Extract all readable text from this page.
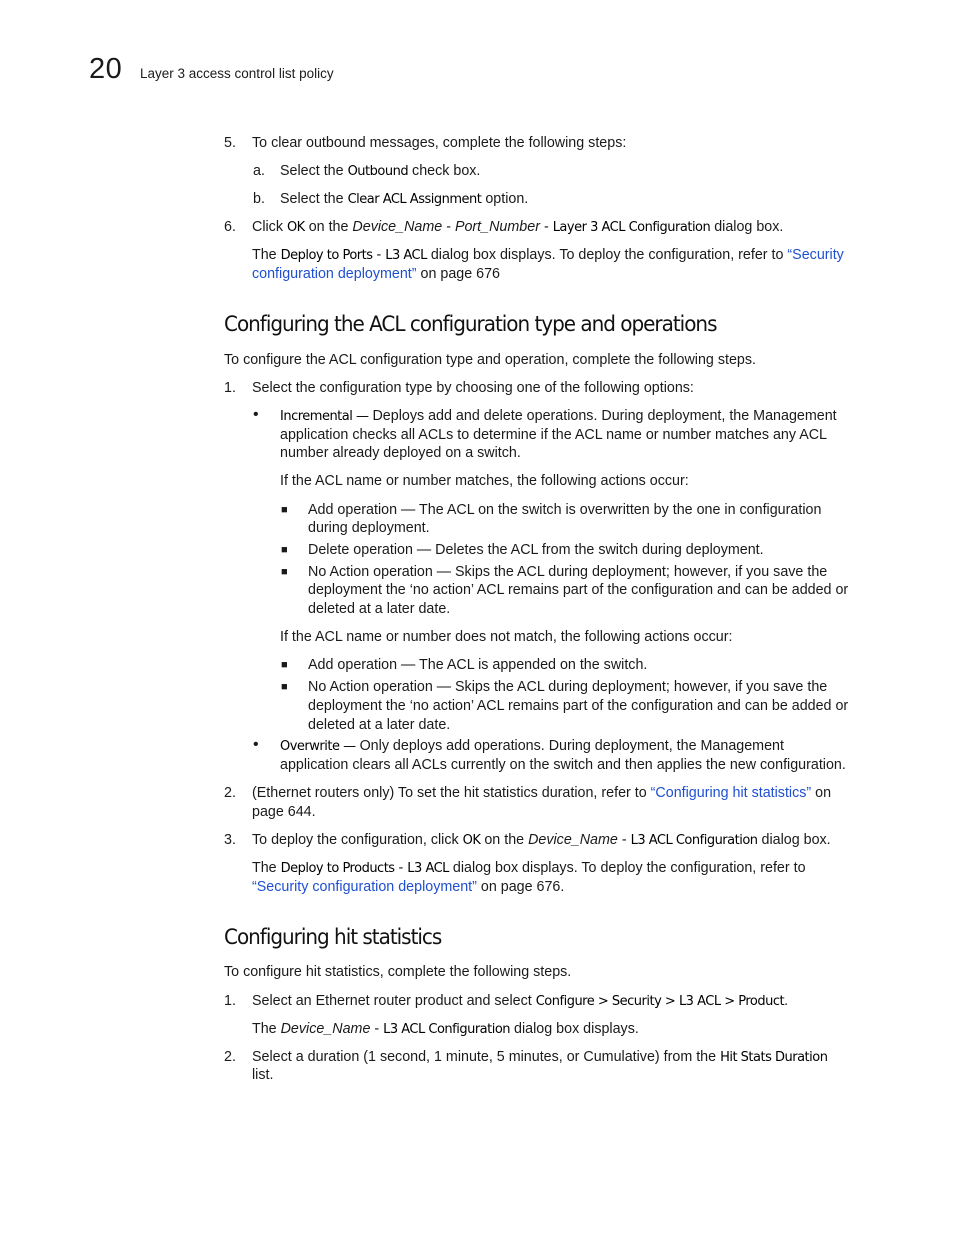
20 Layer 3 access control list policy
5. To clear outbound messages, complete the following steps:
a. Select the Outbound check box.
b. Select the Clear ACL Assignment option.
6. Click OK on the Device_Name - Port_Number - Layer 3 ACL Configuration dialog box.
The Deploy to Ports - L3 ACL dialog box displays. To deploy the configuration, refer to “Security
configuration deployment” on page 676
Configuring the ACL configuration type and operations
To configure the ACL configuration type and operation, complete the following steps.
1. Select the configuration type by choosing one of the following options:
• Incremental — Deploys add and delete operations. During deployment, the Management
application checks all ACLs to determine if the ACL name or number matches any ACL
number already deployed on a switch.
If the ACL name or number matches, the following actions occur:
■ Add operation — The ACL on the switch is overwritten by the one in configuration
during deployment.
■ Delete operation — Deletes the ACL from the switch during deployment.
■ No Action operation — Skips the ACL during deployment; however, if you save the
deployment the ‘no action’ ACL remains part of the configuration and can be added or
deleted at a later date.
If the ACL name or number does not match, the following actions occur:
■ Add operation — The ACL is appended on the switch.
■ No Action operation — Skips the ACL during deployment; however, if you save the
deployment the ‘no action’ ACL remains part of the configuration and can be added or
deleted at a later date.
• Overwrite — Only deploys add operations. During deployment, the Management
application clears all ACLs currently on the switch and then applies the new configuration.
2. (Ethernet routers only) To set the hit statistics duration, refer to “Configuring hit statistics” on
page 644.
3. To deploy the configuration, click OK on the Device_Name - L3 ACL Configuration dialog box.
The Deploy to Products - L3 ACL dialog box displays. To deploy the configuration, refer to
“Security configuration deployment” on page 676.
Configuring hit statistics
To configure hit statistics, complete the following steps.
1. Select an Ethernet router product and select Configure > Security > L3 ACL > Product.
The Device_Name - L3 ACL Configuration dialog box displays.
2. Select a duration (1 second, 1 minute, 5 minutes, or Cumulative) from the Hit Stats Duration
list.
